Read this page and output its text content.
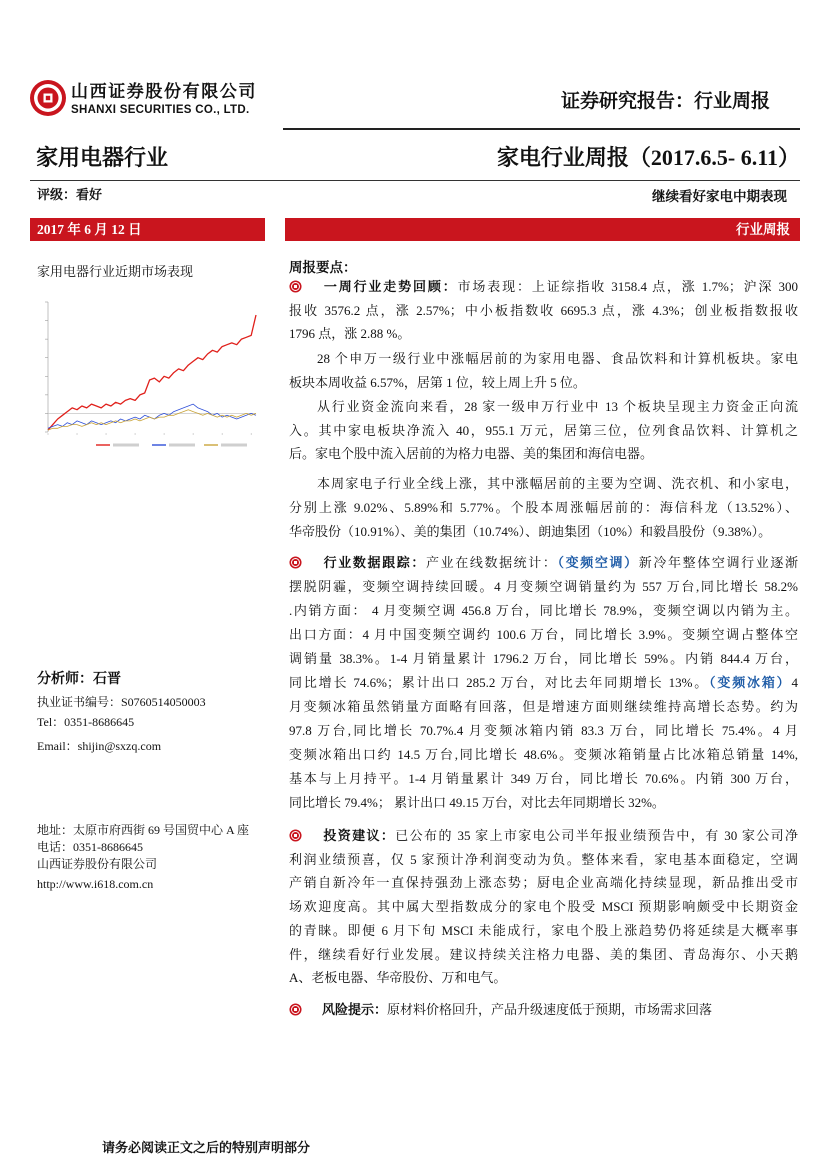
山西证券股份有限公司
SHANXI SECURITIES CO., LTD.	证券研究报告：行业周报
家用电器行业	家电行业周报（2017.6.5- 6.11）
评级：看好	继续看好家电中期表现
2017 年 6 月 12 日	行业周报
家用电器行业近期市场表现
分析师：石晋
执业证书编号：S0760514050003
Tel：0351-8686645
Email：shijin@sxzq.com
地址：太原市府西街 69 号国贸中心 A 座
电话：0351-8686645
山西证券股份有限公司
http://www.i618.com.cn
周报要点：
一周行业走势回顾：市场表现：上证综指收 3158.4 点，涨 1.7%；沪深 300
报收 3576.2 点，涨 2.57%；中小板指数收 6695.3 点，涨 4.3%；创业板指数报收
1796 点，涨 2.88 %。
28 个申万一级行业中涨幅居前的为家用电器、食品饮料和计算机板块。家电
板块本周收益 6.57%，居第 1 位，较上周上升 5 位。
从行业资金流向来看，28 家一级申万行业中 13 个板块呈现主力资金正向流
入。其中家电板块净流入 40，955.1 万元，居第三位，位列食品饮料、计算机之
后。家电个股中流入居前的为格力电器、美的集团和海信电器。
本周家电子行业全线上涨，其中涨幅居前的主要为空调、洗衣机、和小家电，
分别上涨 9.02%、5.89%和 5.77%。个股本周涨幅居前的：海信科龙（13.52%）、
华帝股份（10.91%）、美的集团（10.74%）、朗迪集团（10%）和毅昌股份（9.38%）。
行业数据跟踪：产业在线数据统计：（变频空调）新冷年整体空调行业逐渐
摆脱阴霾，变频空调持续回暖。4 月变频空调销量约为 557 万台,同比增长 58.2%
.内销方面： 4 月变频空调 456.8 万台，同比增长 78.9%，变频空调以内销为主。
出口方面：4 月中国变频空调约 100.6 万台，同比增长 3.9%。变频空调占整体空
调销量 38.3%。1-4 月销量累计 1796.2 万台，同比增长 59%。内销 844.4 万台，
同比增长 74.6%；累计出口 285.2 万台，对比去年同期增长 13%。（变频冰箱）4
月变频冰箱虽然销量方面略有回落，但是增速方面则继续维持高增长态势。约为
97.8 万台,同比增长 70.7%.4 月变频冰箱内销 83.3 万台，同比增长 75.4%。4 月
变频冰箱出口约 14.5 万台,同比增长 48.6%。变频冰箱销量占比冰箱总销量 14%,
基本与上月持平。1-4 月销量累计 349 万台，同比增长 70.6%。内销 300 万台，
同比增长 79.4%； 累计出口 49.15 万台，对比去年同期增长 32%。
投资建议：已公布的 35 家上市家电公司半年报业绩预告中，有 30 家公司净
利润业绩预喜，仅 5 家预计净利润变动为负。整体来看，家电基本面稳定，空调
产销自新冷年一直保持强劲上涨态势；厨电企业高端化持续显现，新品推出受市
场欢迎度高。其中属大型指数成分的家电个股受 MSCI 预期影响颇受中长期资金
的青睐。即便 6 月下旬 MSCI 未能成行，家电个股上涨趋势仍将延续是大概率事
件，继续看好行业发展。建议持续关注格力电器、美的集团、青岛海尔、小天鹅
A、老板电器、华帝股份、万和电气。
风险提示：原材料价格回升，产品升级速度低于预期，市场需求回落
请务必阅读正文之后的特别声明部分
